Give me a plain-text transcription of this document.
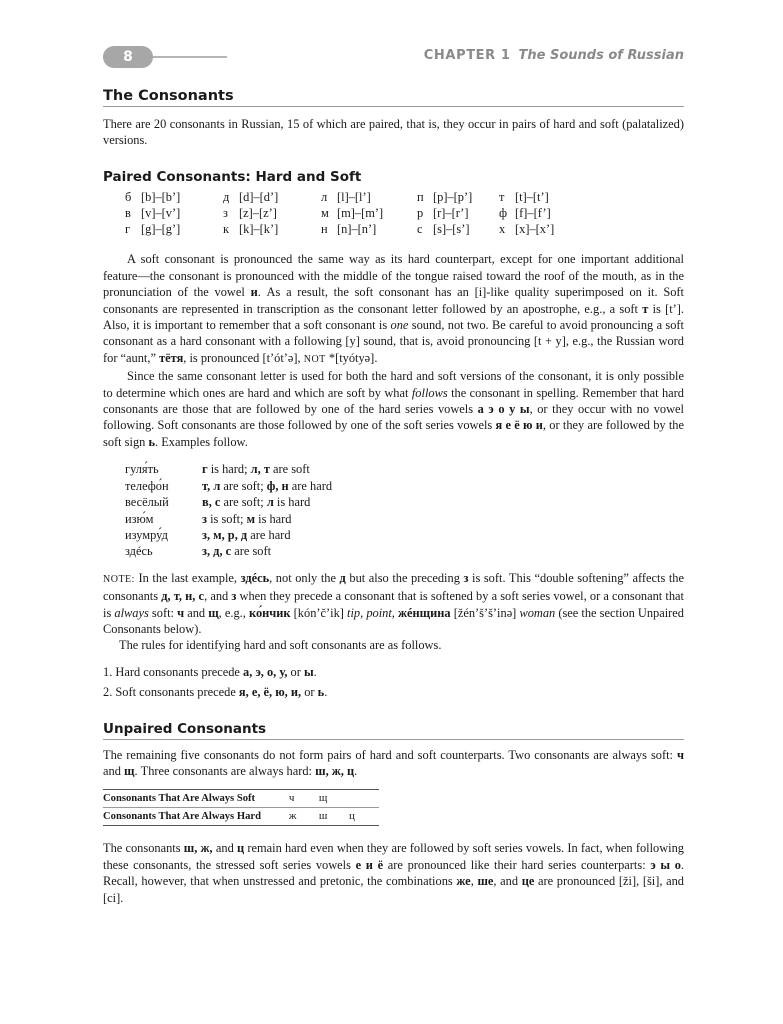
8	CHAPTER 1 The Sounds of Russian
The Consonants

There are 20 consonants in Russian, 15 of which are paired, that is, they occur in pairs of hard and soft (palatalized) versions.

Paired Consonants: Hard and Soft
б [b]–[b’]	д [d]–[d’]	л [l]–[l’]	п [p]–[p’]	т [t]–[t’]
в [v]–[v’]	з [z]–[z’]	м [m]–[m’]	р [r]–[r’]	ф [f]–[f’]
г [g]–[g’]	к [k]–[k’]	н [n]–[n’]	с [s]–[s’]	х [x]–[x’]

A soft consonant is pronounced the same way as its hard counterpart, except for one important additional feature—the consonant is pronounced with the middle of the tongue raised toward the roof of the mouth, as in the pronunciation of the vowel и. As a result, the soft consonant has an [i]-like quality superimposed on it. Soft consonants are represented in transcription as the consonant letter followed by an apostrophe, e.g., a soft т is [t’]. Also, it is important to remember that a soft consonant is one sound, not two. Be careful to avoid pronouncing a soft consonant as a hard consonant with a following [y] sound, that is, avoid pronouncing [t + y], e.g., the Russian word for “aunt,” тётя, is pronounced [t’ót’ə], NOT *[tyótyə].

Since the same consonant letter is used for both the hard and soft versions of the consonant, it is only possible to determine which ones are hard and which are soft by what follows the consonant in spelling. Remember that hard consonants are those that are followed by one of the hard series vowels а э о у ы, or they occur with no vowel following. Soft consonants are those followed by one of the soft series vowels я е ё ю и, or they are followed by the soft sign ь. Examples follow.

гуля́ть	г is hard; л, т are soft
телефо́н	т, л are soft; ф, н are hard
весёлый	в, с are soft; л is hard
изю́м	з is soft; м is hard
изумру́д	з, м, р, д are hard
здéсь	з, д, с are soft

NOTE: In the last example, здéсь, not only the д but also the preceding з is soft. This “double softening” affects the consonants д, т, н, с, and з when they precede a consonant that is softened by a soft series vowel, or a consonant that is always soft: ч and щ, e.g., ко́нчик [kón’č’ik] tip, point, жéнщина [žén’š’š’inə] woman (see the section Unpaired Consonants below).

The rules for identifying hard and soft consonants are as follows.

1. Hard consonants precede а, э, о, у, or ы.
2. Soft consonants precede я, е, ё, ю, и, or ь.
Unpaired Consonants

The remaining five consonants do not form pairs of hard and soft counterparts. Two consonants are always soft: ч and щ. Three consonants are always hard: ш, ж, ц.

Consonants That Are Always Soft	ч	щ
Consonants That Are Always Hard	ж	ш	ц

The consonants ш, ж, and ц remain hard even when they are followed by soft series vowels. In fact, when following these consonants, the stressed soft series vowels е и ё are pronounced like their hard series counterparts: э ы о. Recall, however, that when unstressed and pretonic, the combinations же, ше, and це are pronounced [ži], [ši], and [ci].
